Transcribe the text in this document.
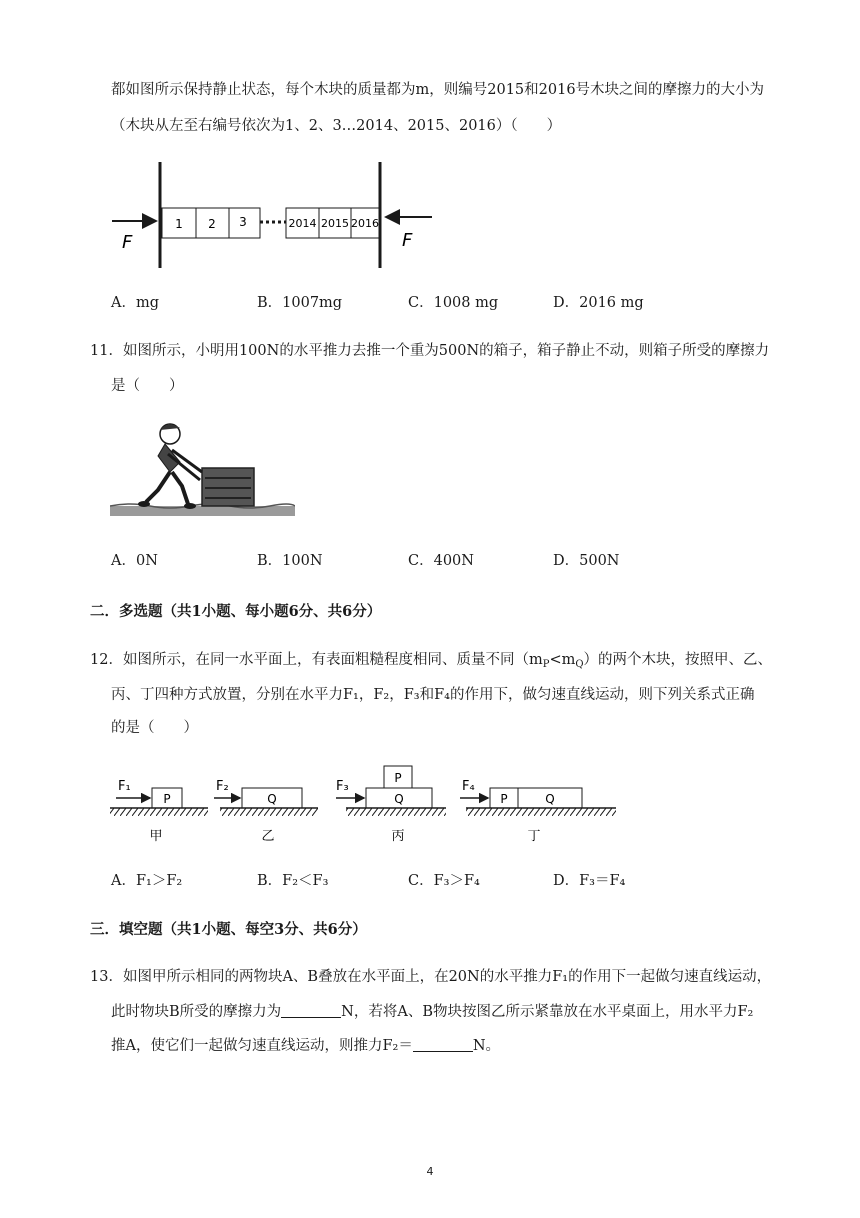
都如图所示保持静止状态，每个木块的质量都为m，则编号2015和2016号木块之间的摩擦力的大小为
（木块从左至右编号依次为1、2、3…2014、2015、2016）（　　）
1 2 3	2014 2015 2016
F	F
A．mg	B．1007mg	C．1008 mg	D．2016 mg
11．如图所示，小明用100N的水平推力去推一个重为500N的箱子，箱子静止不动，则箱子所受的摩擦力
是（　　）
A．0N	B．100N	C．400N	D．500N
二．多选题（共1小题、每小题6分、共6分）
12．如图所示，在同一水平面上，有表面粗糙程度相同、质量不同$(m_P<m_Q)$的两个木块，按照甲、乙、
丙、丁四种方式放置，分别在水平力F₁，F₂，F₃和F₄的作用下，做匀速直线运动，则下列关系式正确
的是（　　）
F₁
P
甲
F₂
Q
乙
F₃
Q
P
丙
F₄
P	Q
丁
A．F₁＞F₂	B．F₂＜F₃	C．F₃＞F₄	D．F₃＝F₄
三．填空题（共1小题、每空3分、共6分）
13．如图甲所示相同的两物块A、B叠放在水平面上，在20N的水平推力F₁的作用下一起做匀速直线运动，
此时物块B所受的摩擦力为	N，若将A、B物块按图乙所示紧靠放在水平桌面上，用水平力F₂
推A，使它们一起做匀速直线运动，则推力F₂＝	N。
4
